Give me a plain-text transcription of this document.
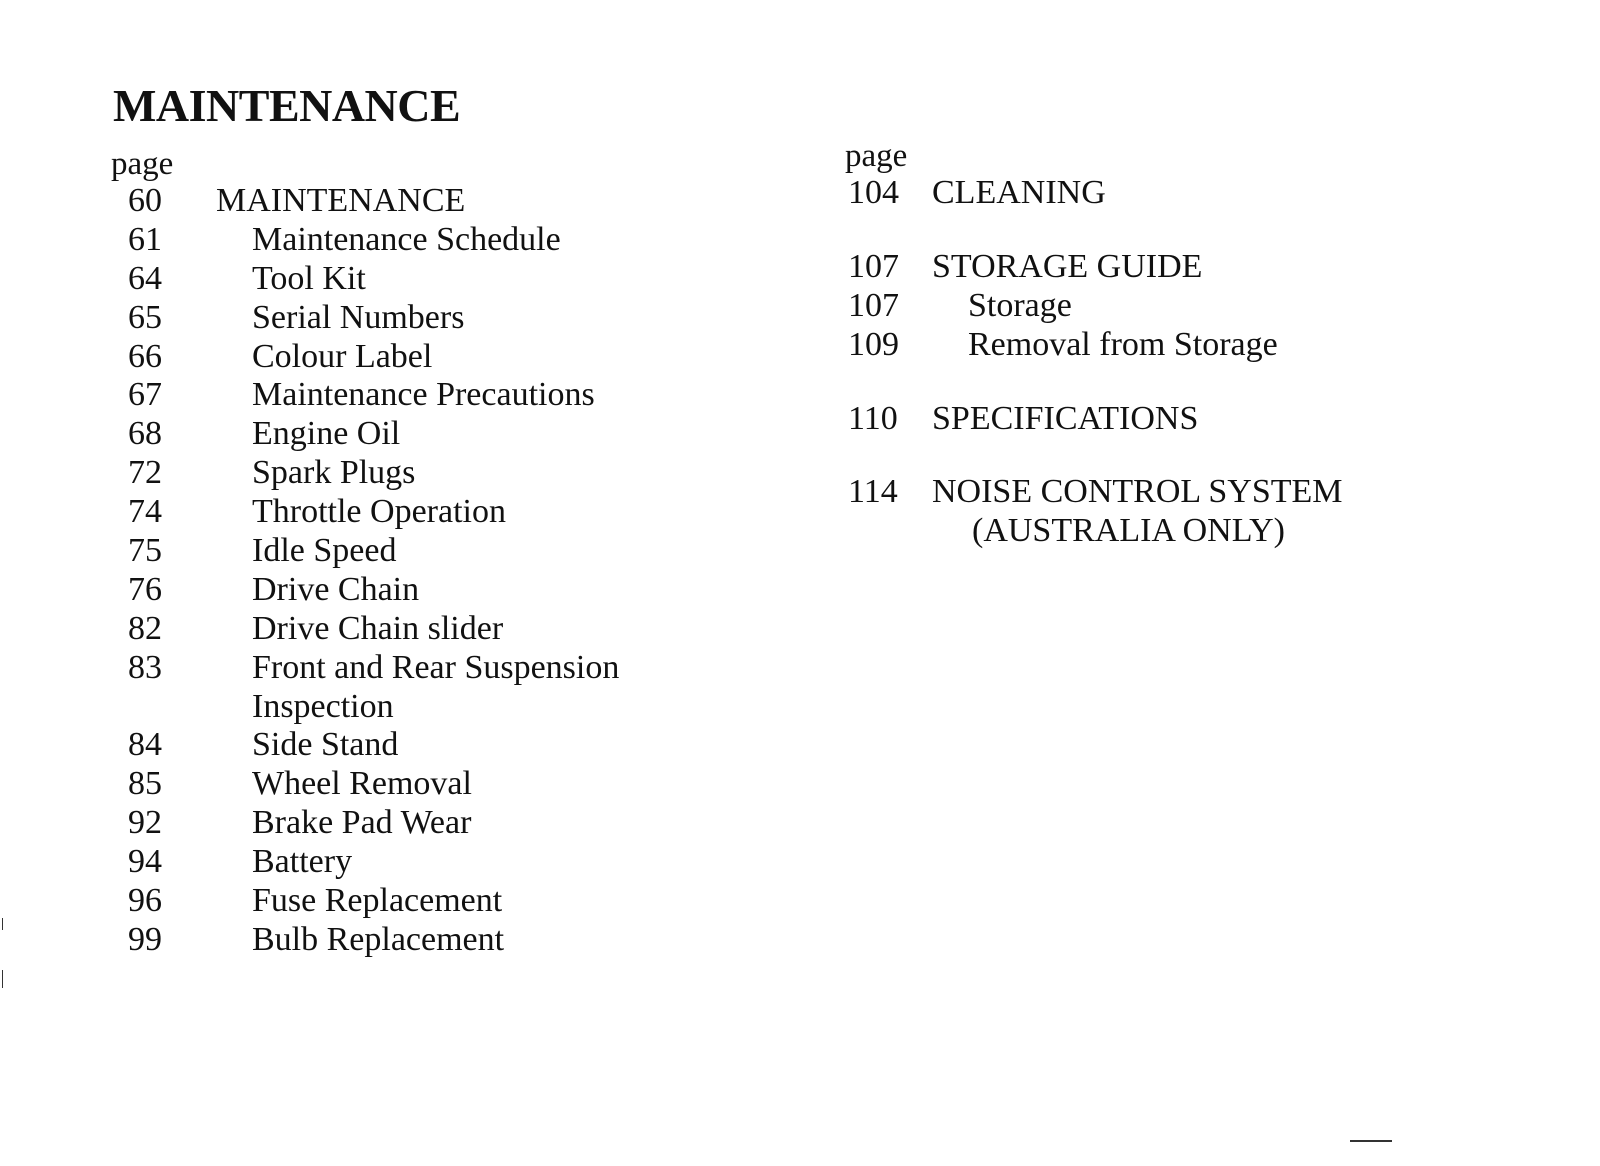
MAINTENANCE
page
60 MAINTENANCE
61	Maintenance Schedule
64	Tool Kit
65	Serial Numbers
66	Colour Label
67	Maintenance Precautions
68	Engine Oil
72	Spark Plugs
74	Throttle Operation
75	Idle Speed
76	Drive Chain
82	Drive Chain slider
83	Front and Rear Suspension
Inspection
84	Side Stand
85	Wheel Removal
92	Brake Pad Wear
94	Battery
96	Fuse Replacement
99	Bulb Replacement
page
104 CLEANING
107 STORAGE GUIDE
107 Storage
109 Removal from Storage
110 SPECIFICATIONS
114 NOISE CONTROL SYSTEM
(AUSTRALIA ONLY)
